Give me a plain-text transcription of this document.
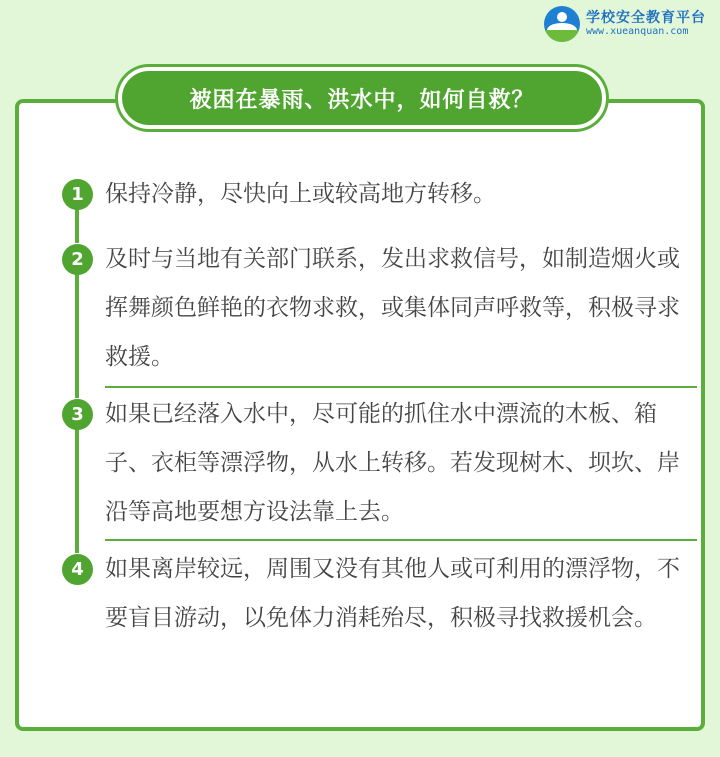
学校安全教育平台
www.xueanquan.com
被困在暴雨、洪水中，如何自救？
1 保持冷静，尽快向上或较高地方转移。
2 及时与当地有关部门联系，发出求救信号，如制造烟火或挥舞颜色鲜艳的衣物求救，或集体同声呼救等，积极寻求救援。
3 如果已经落入水中，尽可能的抓住水中漂流的木板、箱子、衣柜等漂浮物，从水上转移。若发现树木、坝坎、岸沿等高地要想方设法靠上去。
4 如果离岸较远，周围又没有其他人或可利用的漂浮物，不要盲目游动，以免体力消耗殆尽，积极寻找救援机会。
